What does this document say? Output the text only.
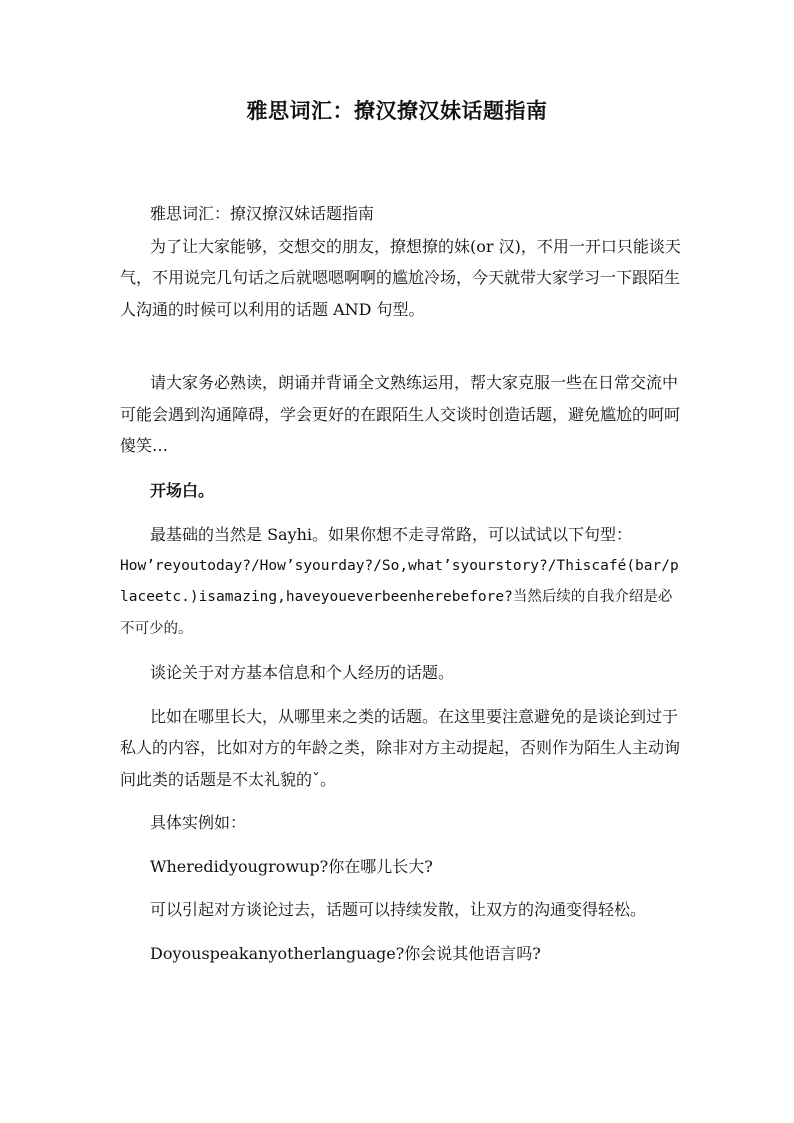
雅思词汇：撩汉撩汉妹话题指南

雅思词汇：撩汉撩汉妹话题指南

为了让大家能够，交想交的朋友，撩想撩的妹(or 汉)，不用一开口只能谈天气，不用说完几句话之后就嗯嗯啊啊的尴尬冷场，今天就带大家学习一下跟陌生人沟通的时候可以利用的话题 AND 句型。

请大家务必熟读，朗诵并背诵全文熟练运用，帮大家克服一些在日常交流中可能会遇到沟通障碍，学会更好的在跟陌生人交谈时创造话题，避免尴尬的呵呵傻笑…

开场白。

最基础的当然是 Sayhi。如果你想不走寻常路，可以试试以下句型：

How’reyoutoday?/How’syourday?/So,what’syourstory?/Thiscafé(bar/placeetc.)isamazing,haveyoueverbeenherebefore?当然后续的自我介绍是必不可少的。

谈论关于对方基本信息和个人经历的话题。

比如在哪里长大，从哪里来之类的话题。在这里要注意避免的是谈论到过于私人的内容，比如对方的年龄之类，除非对方主动提起，否则作为陌生人主动询问此类的话题是不太礼貌的ˇ。

具体实例如：

Wheredidyougrowup?你在哪儿长大?

可以引起对方谈论过去，话题可以持续发散，让双方的沟通变得轻松。

Doyouspeakanyotherlanguage?你会说其他语言吗?
